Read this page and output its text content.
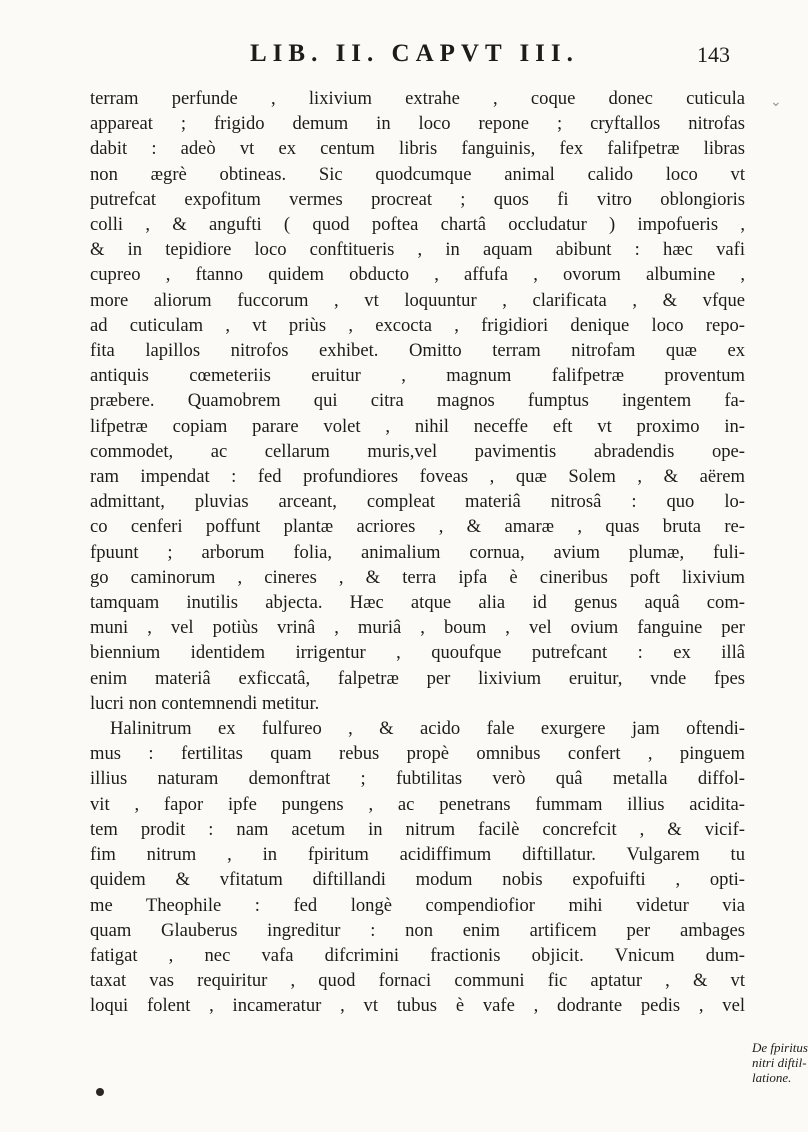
LIB. II. CAPVT III.	143
⌄
terram perfunde , lixivium extrahe , coque donec cuticula
appareat ; frigido demum in loco repone ; cryftallos nitrofas
dabit : adeò vt ex centum libris fanguinis, fex falifpetræ libras
non ægrè obtineas. Sic quodcumque animal calido loco vt
putrefcat expofitum vermes procreat ; quos fi vitro oblongioris
colli , & angufti ( quod poftea chartâ occludatur ) impofueris ,
& in tepidiore loco conftitueris , in aquam abibunt : hæc vafi
cupreo , ftanno quidem obducto , affufa , ovorum albumine ,
more aliorum fuccorum , vt loquuntur , clarificata , & vfque
ad cuticulam , vt priùs , excocta , frigidiori denique loco repo-
fita lapillos nitrofos exhibet. Omitto terram nitrofam quæ ex
antiquis cœmeteriis eruitur , magnum falifpetræ proventum
præbere. Quamobrem qui citra magnos fumptus ingentem fa-
lifpetræ copiam parare volet , nihil neceffe eft vt proximo in-
commodet, ac cellarum muris,vel pavimentis abradendis ope-
ram impendat : fed profundiores foveas , quæ Solem , & aërem
admittant, pluvias arceant, compleat materiâ nitrosâ : quo lo-
co cenferi poffunt plantæ acriores , & amaræ , quas bruta re-
fpuunt ; arborum folia, animalium cornua, avium plumæ, fuli-
go caminorum , cineres , & terra ipfa è cineribus poft lixivium
tamquam inutilis abjecta. Hæc atque alia id genus aquâ com-
muni , vel potiùs vrinâ , muriâ , boum , vel ovium fanguine per
biennium identidem irrigentur , quoufque putrefcant : ex illâ
enim materiâ exficcatâ, falpetræ per lixivium eruitur, vnde fpes
lucri non contemnendi metitur.
Halinitrum ex fulfureo , & acido fale exurgere jam oftendi-
mus : fertilitas quam rebus propè omnibus confert , pinguem
illius naturam demonftrat ; fubtilitas verò quâ metalla diffol-
vit , fapor ipfe pungens , ac penetrans fummam illius acidita-
tem prodit : nam acetum in nitrum facilè concrefcit , & vicif-
fim nitrum , in fpiritum acidiffimum diftillatur. Vulgarem tu
quidem & vfitatum diftillandi modum nobis expofuifti , opti-
me Theophile : fed longè compendiofior mihi videtur via
quam Glauberus ingreditur : non enim artificem per ambages
fatigat , nec vafa difcrimini fractionis objicit. Vnicum dum-
taxat vas requiritur , quod fornaci communi fic aptatur , & vt
loqui folent , incameratur , vt tubus è vafe , dodrante pedis , vel
De fpiritus
nitri diftil-
latione.
